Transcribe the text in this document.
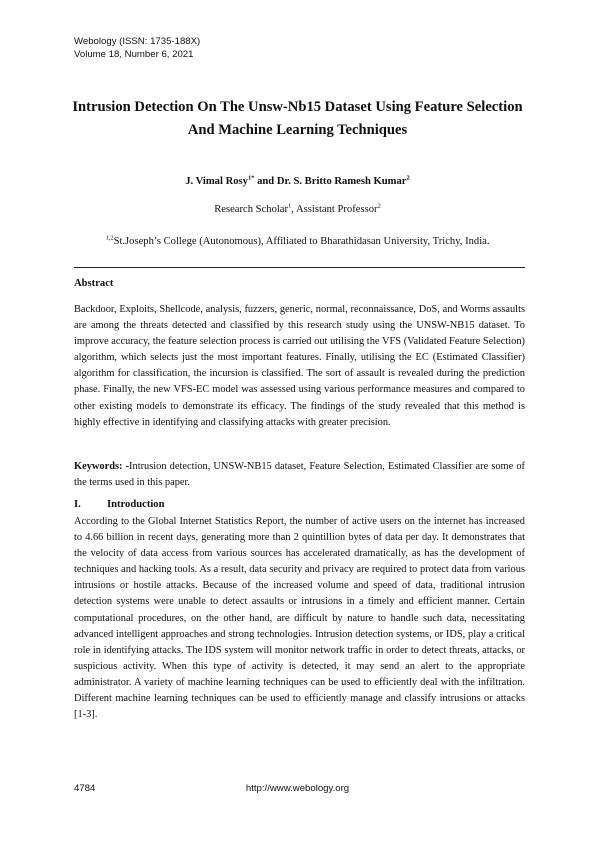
Webology (ISSN: 1735-188X)
Volume 18, Number 6, 2021
Intrusion Detection On The Unsw-Nb15 Dataset Using Feature Selection And Machine Learning Techniques
J. Vimal Rosy$^{1*}$ and Dr. S. Britto Ramesh Kumar$^2$
Research Scholar$^1$, Assistant Professor$^2$
$^{1,2}$St.Joseph’s College (Autonomous), Affiliated to Bharathidasan University, Trichy, India.
Abstract
Backdoor, Exploits, Shellcode, analysis, fuzzers, generic, normal, reconnaissance, DoS, and Worms assaults are among the threats detected and classified by this research study using the UNSW-NB15 dataset. To improve accuracy, the feature selection process is carried out utilising the VFS (Validated Feature Selection) algorithm, which selects just the most important features. Finally, utilising the EC (Estimated Classifier) algorithm for classification, the incursion is classified. The sort of assault is revealed during the prediction phase. Finally, the new VFS-EC model was assessed using various performance measures and compared to other existing models to demonstrate its efficacy. The findings of the study revealed that this method is highly effective in identifying and classifying attacks with greater precision.
Keywords: -Intrusion detection, UNSW-NB15 dataset, Feature Selection, Estimated Classifier are some of the terms used in this paper.
I. Introduction
According to the Global Internet Statistics Report, the number of active users on the internet has increased to 4.66 billion in recent days, generating more than 2 quintillion bytes of data per day. It demonstrates that the velocity of data access from various sources has accelerated dramatically, as has the development of techniques and hacking tools. As a result, data security and privacy are required to protect data from various intrusions or hostile attacks. Because of the increased volume and speed of data, traditional intrusion detection systems were unable to detect assaults or intrusions in a timely and efficient manner. Certain computational procedures, on the other hand, are difficult by nature to handle such data, necessitating advanced intelligent approaches and strong technologies. Intrusion detection systems, or IDS, play a critical role in identifying attacks. The IDS system will monitor network traffic in order to detect threats, attacks, or suspicious activity. When this type of activity is detected, it may send an alert to the appropriate administrator. A variety of machine learning techniques can be used to efficiently deal with the infiltration. Different machine learning techniques can be used to efficiently manage and classify intrusions or attacks [1-3].
4784	http://www.webology.org
